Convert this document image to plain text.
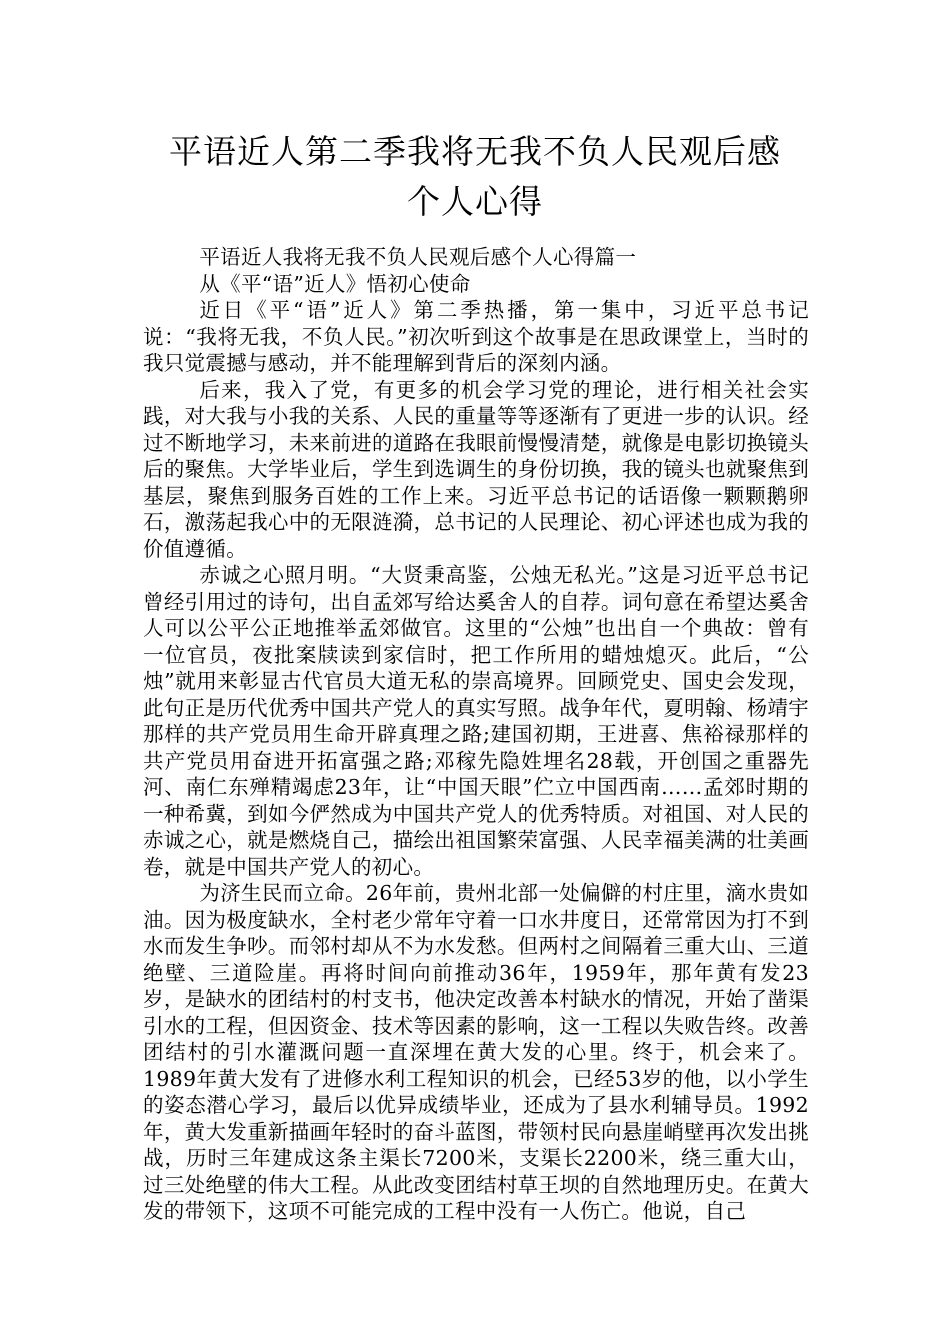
平语近人第二季我将无我不负人民观后感
个人心得

平语近人我将无我不负人民观后感个人心得篇一

从《平“语”近人》悟初心使命

近日《平“语”近人》第二季热播，第一集中，习近平总书记说：“我将无我，不负人民。”初次听到这个故事是在思政课堂上，当时的我只觉震撼与感动，并不能理解到背后的深刻内涵。

后来，我入了党，有更多的机会学习党的理论，进行相关社会实践，对大我与小我的关系、人民的重量等等逐渐有了更进一步的认识。经过不断地学习，未来前进的道路在我眼前慢慢清楚，就像是电影切换镜头后的聚焦。大学毕业后，学生到选调生的身份切换，我的镜头也就聚焦到基层，聚焦到服务百姓的工作上来。习近平总书记的话语像一颗颗鹅卵石，激荡起我心中的无限涟漪，总书记的人民理论、初心评述也成为我的价值遵循。

赤诚之心照月明。“大贤秉高鉴，公烛无私光。”这是习近平总书记曾经引用过的诗句，出自孟郊写给达奚舍人的自荐。词句意在希望达奚舍人可以公平公正地推举孟郊做官。这里的“公烛”也出自一个典故：曾有一位官员，夜批案牍读到家信时，把工作所用的蜡烛熄灭。此后，“公烛”就用来彰显古代官员大道无私的崇高境界。回顾党史、国史会发现，此句正是历代优秀中国共产党人的真实写照。战争年代，夏明翰、杨靖宇那样的共产党员用生命开辟真理之路;建国初期，王进喜、焦裕禄那样的共产党员用奋进开拓富强之路;邓稼先隐姓埋名28载，开创国之重器先河、南仁东殚精竭虑23年，让“中国天眼”伫立中国西南……孟郊时期的一种希冀，到如今俨然成为中国共产党人的优秀特质。对祖国、对人民的赤诚之心，就是燃烧自己，描绘出祖国繁荣富强、人民幸福美满的壮美画卷，就是中国共产党人的初心。

为济生民而立命。26年前，贵州北部一处偏僻的村庄里，滴水贵如油。因为极度缺水，全村老少常年守着一口水井度日，还常常因为打不到水而发生争吵。而邻村却从不为水发愁。但两村之间隔着三重大山、三道绝壁、三道险崖。再将时间向前推动36年，1959年，那年黄有发23岁，是缺水的团结村的村支书，他决定改善本村缺水的情况，开始了凿渠引水的工程，但因资金、技术等因素的影响，这一工程以失败告终。改善团结村的引水灌溉问题一直深埋在黄大发的心里。终于，机会来了。1989年黄大发有了进修水利工程知识的机会，已经53岁的他，以小学生的姿态潜心学习，最后以优异成绩毕业，还成为了县水利辅导员。1992年，黄大发重新描画年轻时的奋斗蓝图，带领村民向悬崖峭壁再次发出挑战，历时三年建成这条主渠长7200米，支渠长2200米，绕三重大山，过三处绝壁的伟大工程。从此改变团结村草王坝的自然地理历史。在黄大发的带领下，这项不可能完成的工程中没有一人伤亡。他说，自己
